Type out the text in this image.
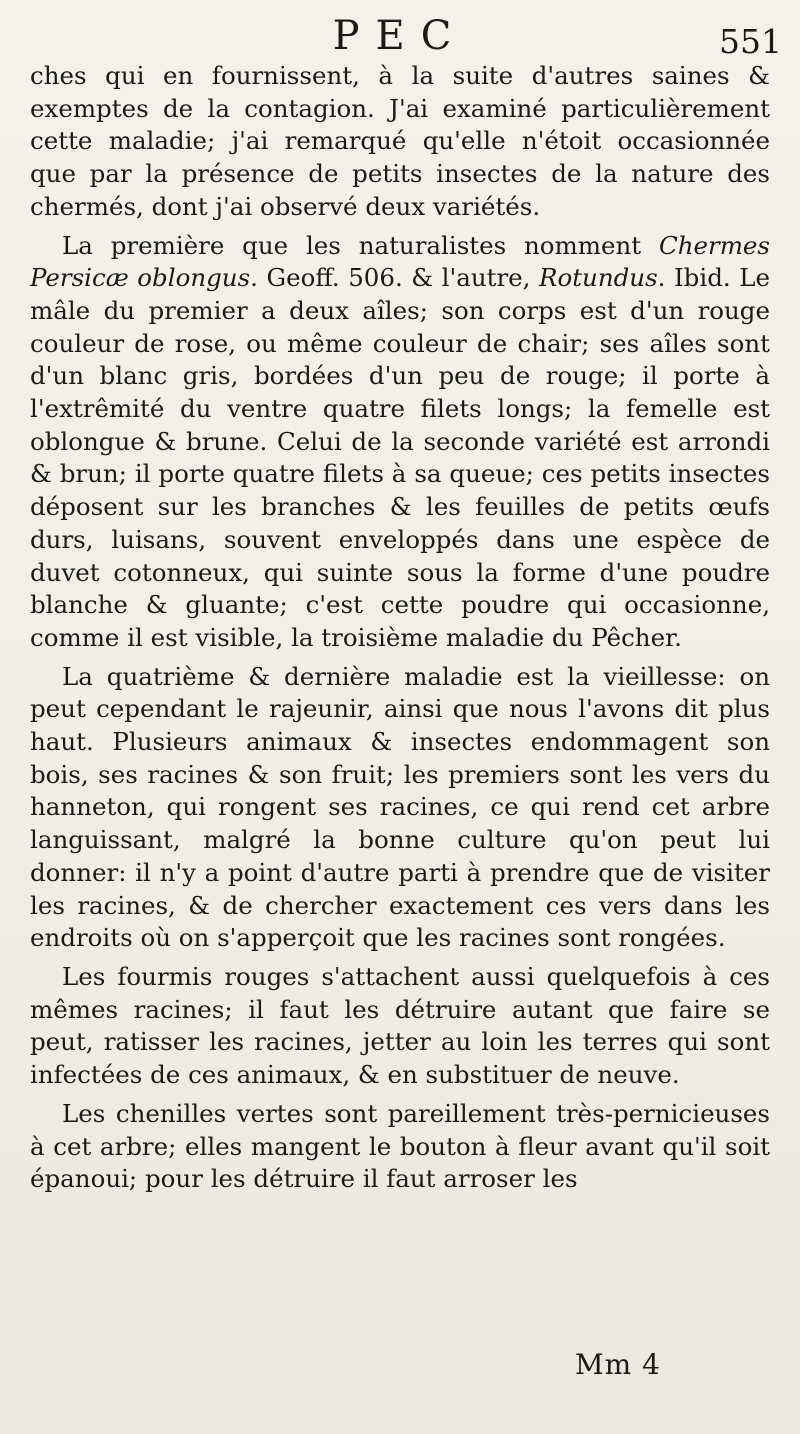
PEC	551

ches qui en fournissent, à la suite d'autres saines & exemptes de la contagion. J'ai examiné particulièrement cette maladie; j'ai remarqué qu'elle n'étoit occasionnée que par la présence de petits insectes de la nature des chermés, dont j'ai observé deux variétés.

La première que les naturalistes nomment Chermes Persicæ oblongus. Geoff. 506. & l'autre, Rotundus. Ibid. Le mâle du premier a deux aîles; son corps est d'un rouge couleur de rose, ou même couleur de chair; ses aîles sont d'un blanc gris, bordées d'un peu de rouge; il porte à l'extrêmité du ventre quatre filets longs; la femelle est oblongue & brune. Celui de la seconde variété est arrondi & brun; il porte quatre filets à sa queue; ces petits insectes déposent sur les branches & les feuilles de petits œufs durs, luisans, souvent enveloppés dans une espèce de duvet cotonneux, qui suinte sous la forme d'une poudre blanche & gluante; c'est cette poudre qui occasionne, comme il est visible, la troisième maladie du Pêcher.

La quatrième & dernière maladie est la vieillesse: on peut cependant le rajeunir, ainsi que nous l'avons dit plus haut. Plusieurs animaux & insectes endommagent son bois, ses racines & son fruit; les premiers sont les vers du hanneton, qui rongent ses racines, ce qui rend cet arbre languissant, malgré la bonne culture qu'on peut lui donner: il n'y a point d'autre parti à prendre que de visiter les racines, & de chercher exactement ces vers dans les endroits où on s'apperçoit que les racines sont rongées.

Les fourmis rouges s'attachent aussi quelquefois à ces mêmes racines; il faut les détruire autant que faire se peut, ratisser les racines, jetter au loin les terres qui sont infectées de ces animaux, & en substituer de neuve.

Les chenilles vertes sont pareillement très-pernicieuses à cet arbre; elles mangent le bouton à fleur avant qu'il soit épanoui; pour les détruire il faut arroser les

Mm 4
